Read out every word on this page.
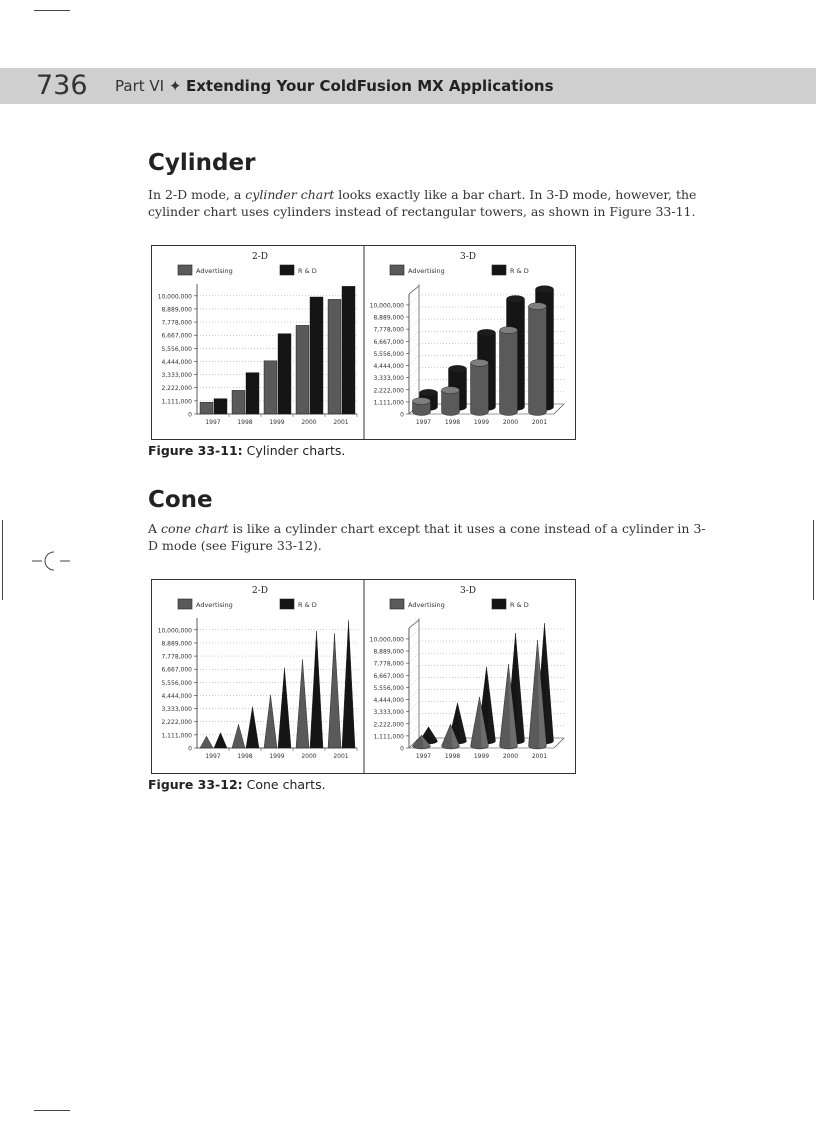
736 Part VI ✦ Extending Your ColdFusion MX Applications
Cylinder
In 2-D mode, a cylinder chart looks exactly like a bar chart. In 3-D mode, however, the cylinder chart uses cylinders instead of rectangular towers, as shown in Figure 33-11.
2-D
Advertising	R & D
10,000,000
8,889,000
7,778,000
6,667,000
5,556,000
4,444,000
3,333,000
2,222,000
1,111,000
0
1997	1998	1999	2000	2001
3-D
Advertising	R & D
10,000,000
8,889,000
7,778,000
6,667,000
5,556,000
4,444,000
3,333,000
2,222,000
1,111,000
0
1997 1998 1999 2000 2001
Figure 33-11: Cylinder charts.
Cone
A cone chart is like a cylinder chart except that it uses a cone instead of a cylinder in 3-D mode (see Figure 33-12).
2-D
Advertising	R & D
10,000,000
8,889,000
7,778,000
6,667,000
5,556,000
4,444,000
3,333,000
2,222,000
1,111,000
0
1997	1998	1999	2000	2001
3-D
Advertising	R & D
10,000,000
8,889,000
7,778,000
6,667,000
5,556,000
4,444,000
3,333,000
2,222,000
1,111,000
0
1997 1998 1999 2000 2001
Figure 33-12: Cone charts.
